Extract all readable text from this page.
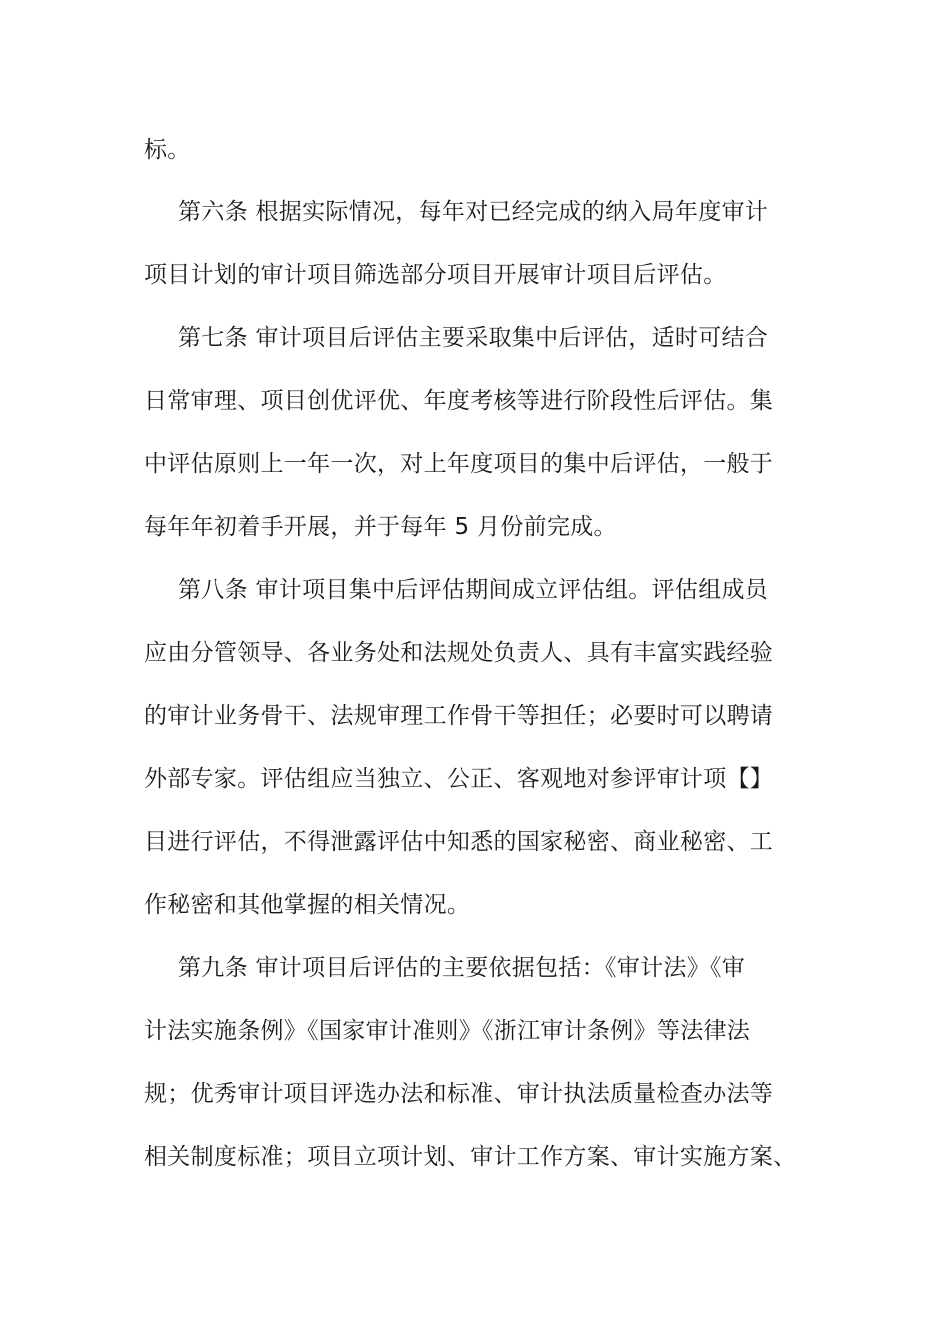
标。
第六条 根据实际情况，每年对已经完成的纳入局年度审计
项目计划的审计项目筛选部分项目开展审计项目后评估。
第七条 审计项目后评估主要采取集中后评估，适时可结合
日常审理、项目创优评优、年度考核等进行阶段性后评估。集
中评估原则上一年一次，对上年度项目的集中后评估，一般于
每年年初着手开展，并于每年 5 月份前完成。
第八条 审计项目集中后评估期间成立评估组。评估组成员
应由分管领导、各业务处和法规处负责人、具有丰富实践经验
的审计业务骨干、法规审理工作骨干等担任；必要时可以聘请
外部专家。评估组应当独立、公正、客观地对参评审计项【】
目进行评估，不得泄露评估中知悉的国家秘密、商业秘密、工
作秘密和其他掌握的相关情况。
第九条 审计项目后评估的主要依据包括：《审计法》《审
计法实施条例》《国家审计准则》《浙江审计条例》等法律法
规；优秀审计项目评选办法和标准、审计执法质量检查办法等
相关制度标准；项目立项计划、审计工作方案、审计实施方案、
